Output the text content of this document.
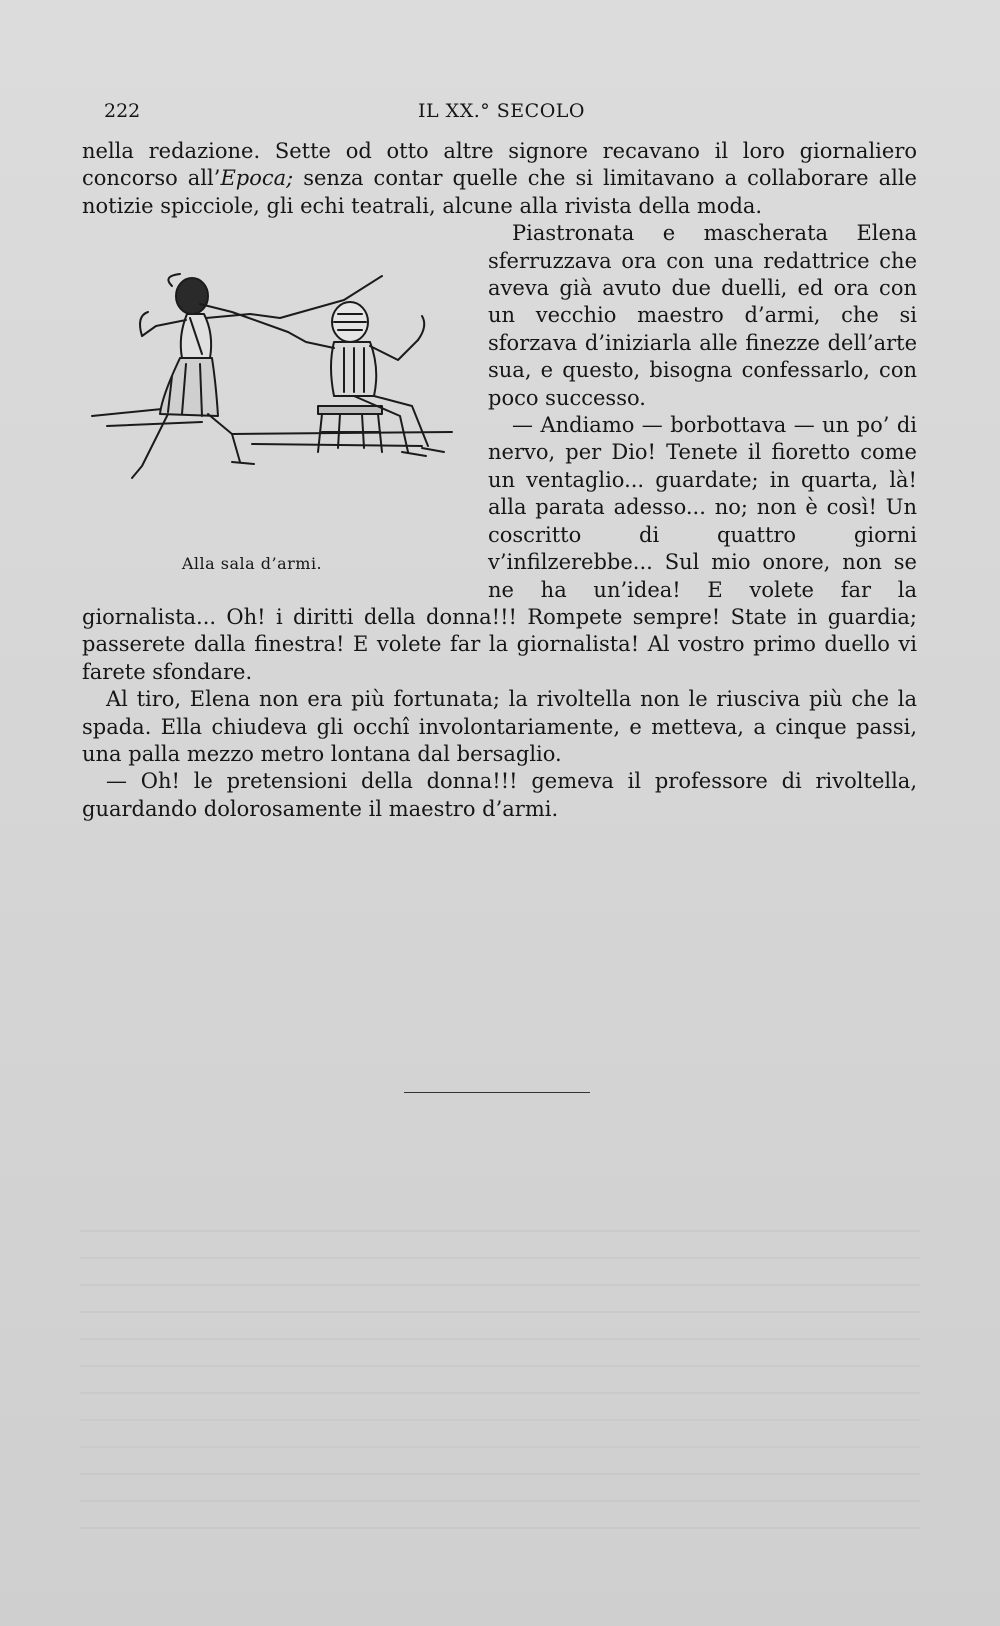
222	IL XX.° SECOLO

nella redazione. Sette od otto altre signore recavano il loro giornaliero concorso all’Epoca; senza contar quelle che si limitavano a collaborare alle notizie spicciole, gli echi teatrali, alcune alla rivista della moda.

Alla sala d’armi.

Piastronata e mascherata Elena sferruzzava ora con una redattrice che aveva già avuto due duelli, ed ora con un vecchio maestro d’armi, che si sforzava d’iniziarla alle finezze dell’arte sua, e questo, bisogna confessarlo, con poco successo.

— Andiamo — borbottava — un po’ di nervo, per Dio! Tenete il fioretto come un ventaglio... guardate; in quarta, là! alla parata adesso... no; non è così! Un coscritto di quattro giorni v’infilzerebbe... Sul mio onore, non se ne ha un’idea! E volete far la giornalista... Oh! i diritti della donna!!! Rompete sempre! State in guardia; passerete dalla finestra! E volete far la giornalista! Al vostro primo duello vi farete sfondare.

Al tiro, Elena non era più fortunata; la rivoltella non le riusciva più che la spada. Ella chiudeva gli occhî involontariamente, e metteva, a cinque passi, una palla mezzo metro lontana dal bersaglio.

— Oh! le pretensioni della donna!!! gemeva il professore di rivoltella, guardando dolorosamente il maestro d’armi.
